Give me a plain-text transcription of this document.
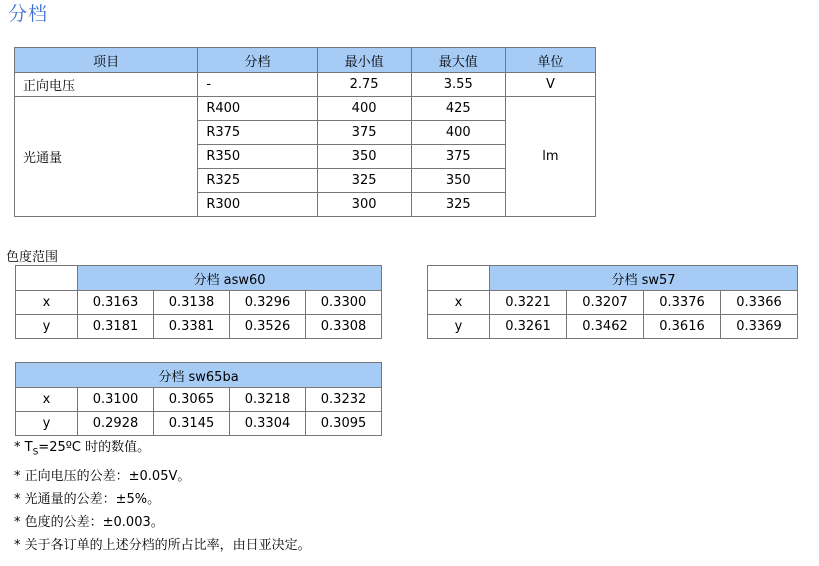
分档
项目	分档	最小值	最大值	单位
正向电压	-	2.75	3.55	V
光通量	R400	400	425	lm
	R375	375	400	
	R350	350	375	
	R325	325	350	
	R300	300	325	
色度范围
	分档 asw60			
x	0.3163	0.3138	0.3296	0.3300
y	0.3181	0.3381	0.3526	0.3308
	分档 sw57			
x	0.3221	0.3207	0.3376	0.3366
y	0.3261	0.3462	0.3616	0.3369
分档 sw65ba				
x	0.3100	0.3065	0.3218	0.3232
y	0.2928	0.3145	0.3304	0.3095
* $T_S=25ºC$ 时的数值。
* 正向电压的公差：±0.05V。
* 光通量的公差：±5%。
* 色度的公差：±0.003。
* 关于各订单的上述分档的所占比率，由日亚决定。
